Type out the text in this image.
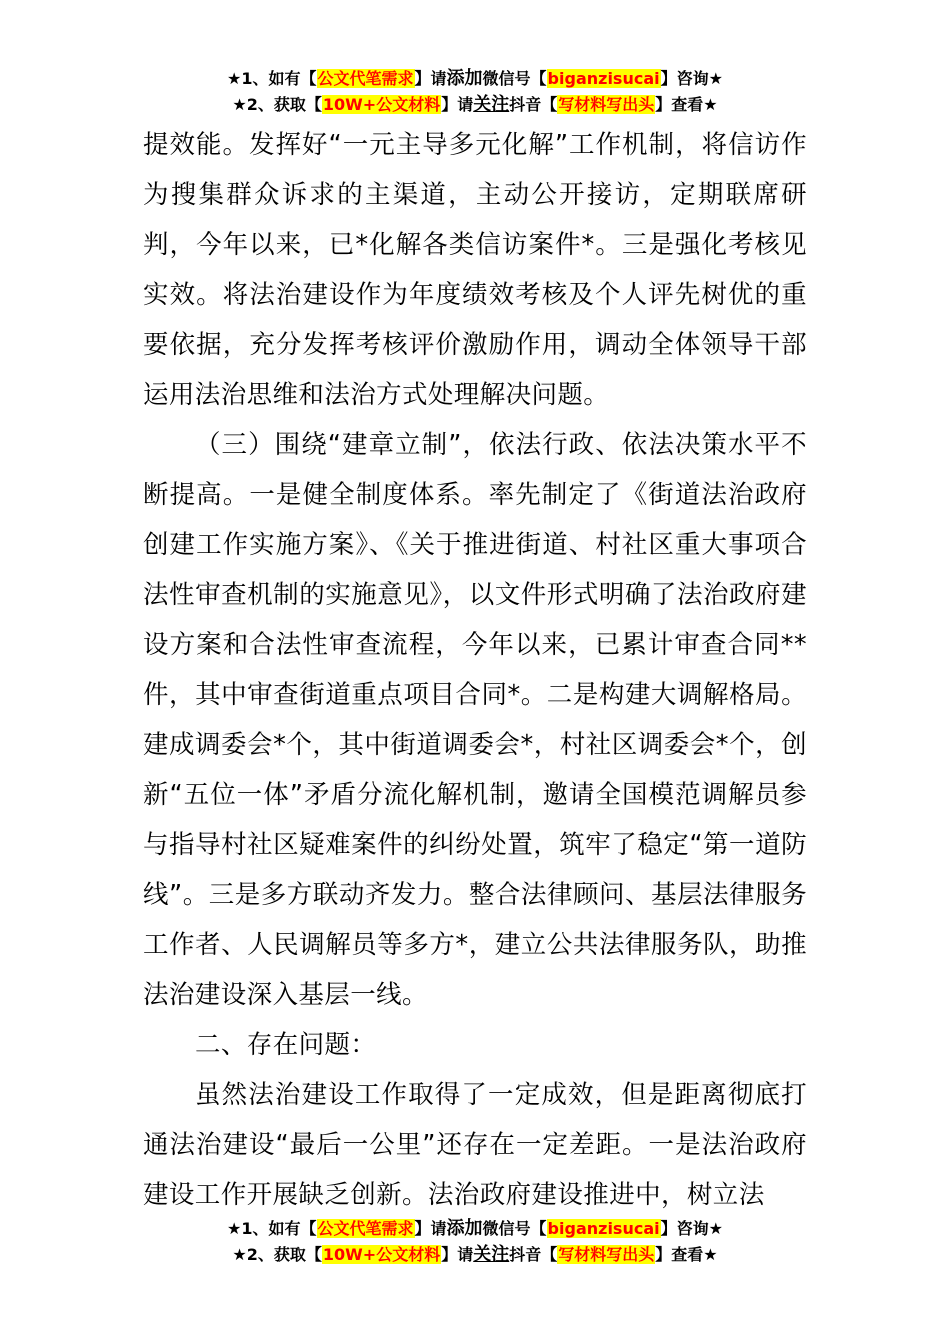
★1、如有【公文代笔需求】请添加微信号【biganzisucai】咨询★
★2、获取【10W+公文材料】请关注抖音【写材料写出头】查看★

提效能。发挥好“一元主导多元化解”工作机制，将信访作为搜集群众诉求的主渠道，主动公开接访，定期联席研判，今年以来，已*化解各类信访案件*。三是强化考核见实效。将法治建设作为年度绩效考核及个人评先树优的重要依据，充分发挥考核评价激励作用，调动全体领导干部运用法治思维和法治方式处理解决问题。

（三）围绕“建章立制”，依法行政、依法决策水平不断提高。一是健全制度体系。率先制定了《街道法治政府创建工作实施方案》、《关于推进街道、村社区重大事项合法性审查机制的实施意见》，以文件形式明确了法治政府建设方案和合法性审查流程，今年以来，已累计审查合同**件，其中审查街道重点项目合同*。二是构建大调解格局。建成调委会*个，其中街道调委会*，村社区调委会*个，创新“五位一体”矛盾分流化解机制，邀请全国模范调解员参与指导村社区疑难案件的纠纷处置，筑牢了稳定“第一道防线”。三是多方联动齐发力。整合法律顾问、基层法律服务工作者、人民调解员等多方*，建立公共法律服务队，助推法治建设深入基层一线。

二、存在问题：

虽然法治建设工作取得了一定成效，但是距离彻底打通法治建设“最后一公里”还存在一定差距。一是法治政府建设工作开展缺乏创新。法治政府建设推进中，树立法

★1、如有【公文代笔需求】请添加微信号【biganzisucai】咨询★
★2、获取【10W+公文材料】请关注抖音【写材料写出头】查看★
